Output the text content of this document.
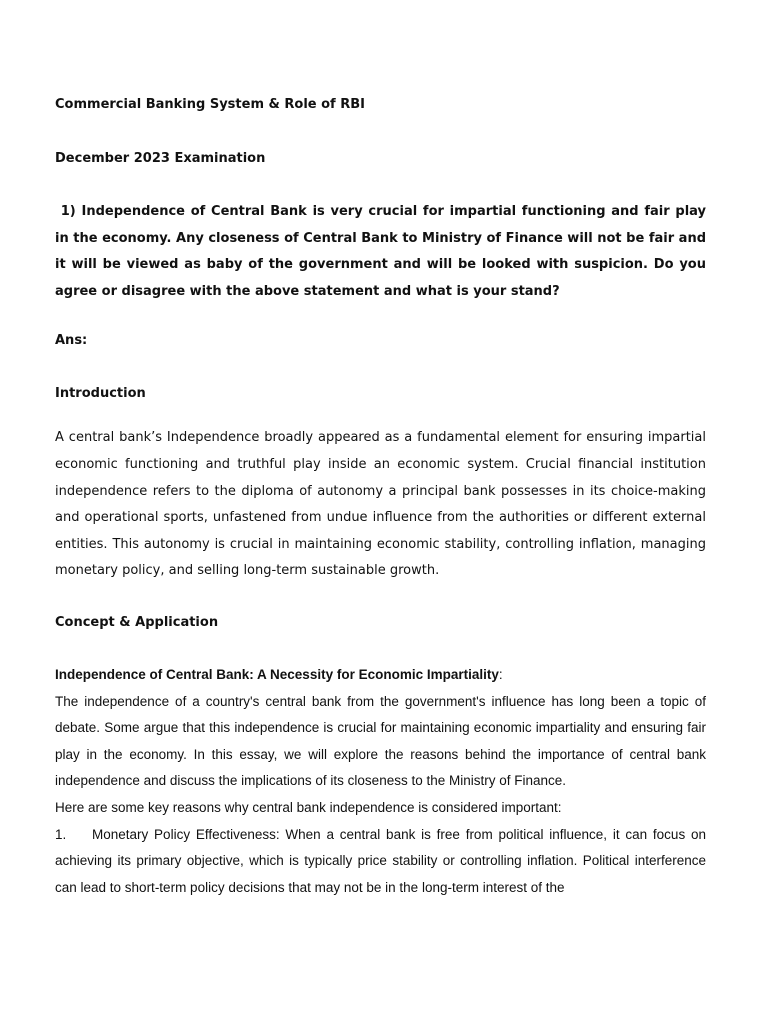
Commercial Banking System & Role of RBI

December 2023 Examination

1) Independence of Central Bank is very crucial for impartial functioning and fair play in the economy. Any closeness of Central Bank to Ministry of Finance will not be fair and it will be viewed as baby of the government and will be looked with suspicion. Do you agree or disagree with the above statement and what is your stand?

Ans:

Introduction

A central bank’s Independence broadly appeared as a fundamental element for ensuring impartial economic functioning and truthful play inside an economic system. Crucial financial institution independence refers to the diploma of autonomy a principal bank possesses in its choice-making and operational sports, unfastened from undue influence from the authorities or different external entities. This autonomy is crucial in maintaining economic stability, controlling inflation, managing monetary policy, and selling long-term sustainable growth.

Concept & Application

Independence of Central Bank: A Necessity for Economic Impartiality:

The independence of a country's central bank from the government's influence has long been a topic of debate. Some argue that this independence is crucial for maintaining economic impartiality and ensuring fair play in the economy. In this essay, we will explore the reasons behind the importance of central bank independence and discuss the implications of its closeness to the Ministry of Finance.

Here are some key reasons why central bank independence is considered important:

1. Monetary Policy Effectiveness: When a central bank is free from political influence, it can focus on achieving its primary objective, which is typically price stability or controlling inflation. Political interference can lead to short-term policy decisions that may not be in the long-term interest of the
